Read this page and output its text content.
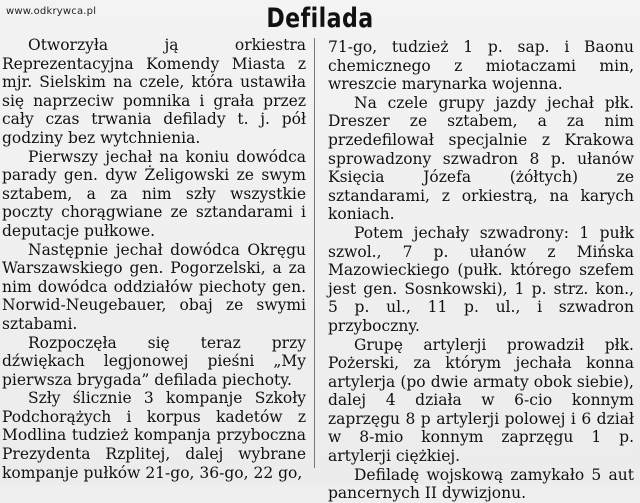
www.odkrywca.pl	Defilada

Otworzyła ją orkiestra Reprezentacyjna Komendy Miasta z mjr. Sielskim na czele, która ustawiła się naprzeciw pomnika i grała przez cały czas trwania defilady t. j. pół godziny bez wytchnienia.

Pierwszy jechał na koniu dowódca parady gen. dyw Żeligowski ze swym sztabem, a za nim szły wszystkie poczty chorągwiane ze sztandarami i deputacje pułkowe.

Następnie jechał dowódca Okręgu Warszawskiego gen. Pogorzelski, a za nim dowódca oddziałów piechoty gen. Norwid-Neugebauer, obaj ze swymi sztabami.

Rozpoczęła się teraz przy dźwiękach legjonowej pieśni „My pierwsza brygada” defilada piechoty.

Szły ślicznie 3 kompanje Szkoły Podchorążych i korpus kadetów z Modlina tudzież kompanja przyboczna Prezydenta Rzplitej, dalej wybrane kompanje pułków 21-go, 36-go, 22 go,

71-go, tudzież 1 p. sap. i Baonu chemicznego z miotaczami min, wreszcie marynarka wojenna.

Na czele grupy jazdy jechał płk. Dreszer ze sztabem, a za nim przedefilował specjalnie z Krakowa sprowadzony szwadron 8 p. ułanów Księcia Józefa (żółtych) ze sztandarami, z orkiestrą, na karych koniach.

Potem jechały szwadrony: 1 pułk szwol., 7 p. ułanów z Mińska Mazowieckiego (pułk. którego szefem jest gen. Sosnkowski), 1 p. strz. kon., 5 p. ul., 11 p. ul., i szwadron przyboczny.

Grupę artylerji prowadził płk. Pożerski, za którym jechała konna artylerja (po dwie armaty obok siebie), dalej 4 działa w 6-cio konnym zaprzęgu 8 p artylerji polowej i 6 dział w 8-mio konnym zaprzęgu 1 p. artylerji ciężkiej.

Defiladę wojskową zamykało 5 aut pancernych II dywizjonu.
